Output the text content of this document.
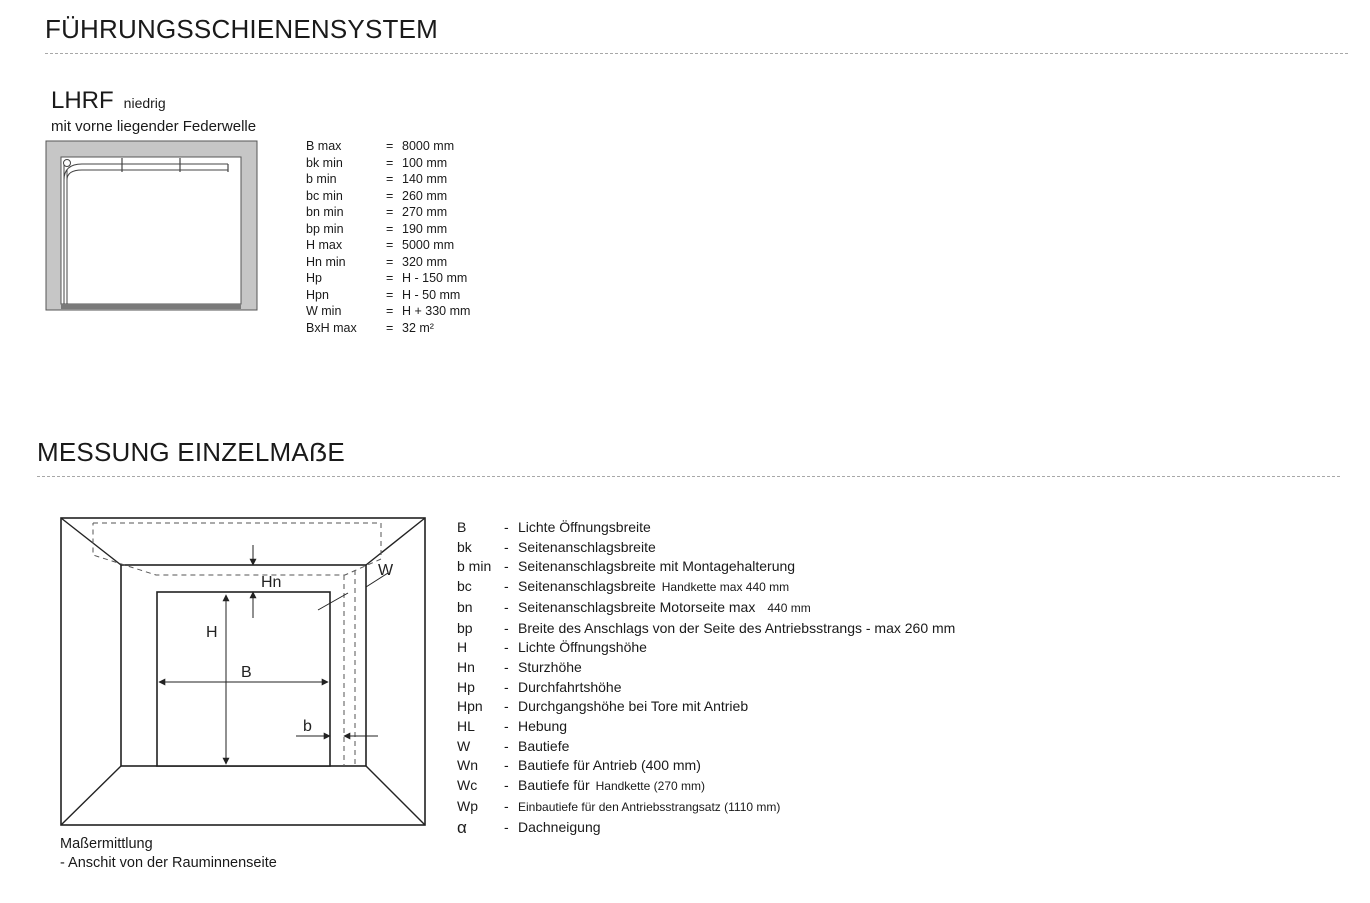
FÜHRUNGSSCHIENENSYSTEM
LHRF niedrig
mit vorne liegender Federwelle
B max	= 8000 mm
bk min	= 100 mm
b min	= 140 mm
bc min	= 260 mm
bn min	= 270 mm
bp min	= 190 mm
H max	= 5000 mm
Hn min	= 320 mm
Hp	= H - 150 mm
Hpn	= H - 50 mm
W min	= H + 330 mm
BxH max	= 32 m²
MESSUNG EINZELMAẞE
Hn
W
H
B
b
Maßermittlung
- Anschit von der Rauminnenseite
B	- Lichte Öffnungsbreite
bk	- Seitenanschlagsbreite
b min - Seitenanschlagsbreite mit Montagehalterung
bc	- Seitenanschlagsbreite Handkette max 440 mm
bn	- Seitenanschlagsbreite Motorseite max 440 mm
bp	- Breite des Anschlags von der Seite des Antriebsstrangs - max 260 mm
H	- Lichte Öffnungshöhe
Hn	- Sturzhöhe
Hp	- Durchfahrtshöhe
Hpn	- Durchgangshöhe bei Tore mit Antrieb
HL	- Hebung
W	- Bautiefe
Wn	- Bautiefe für Antrieb (400 mm)
Wc	- Bautiefe für Handkette (270 mm)
Wp	- Einbautiefe für den Antriebsstrangsatz (1110 mm)
α	- Dachneigung
